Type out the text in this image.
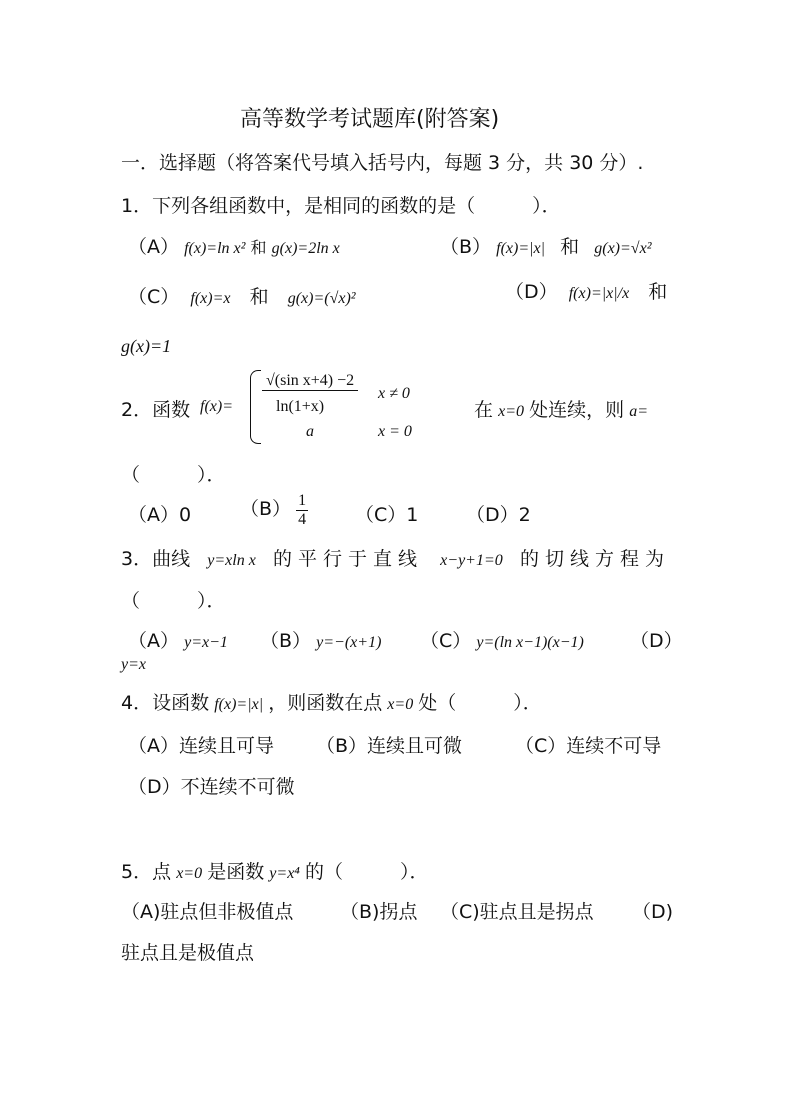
高等数学考试题库(附答案)
一．选择题（将答案代号填入括号内，每题 3 分，共 30 分）.
1．下列各组函数中，是相同的函数的是（　　　）．
（A） f(x)=ln x² 和 g(x)=2ln x	（B） f(x)=|x| 和 g(x)=√x²
（C） f(x)=x 和 g(x)=(√x)²	（D） f(x)=|x|/x 和
g(x)=1
2．函数 f(x)=
√(sin x+4) −2
ln(1+x)
x ≠ 0
a	x = 0
在 x=0 处连续，则 a=
（　　　）．
（A）0	$(B) \frac{1}{4} (C)1$	（D）2
3．曲线 y=xln x 的平行于直线 x−y+1=0 的切线方程为
（　　　）．
（A） y=x−1 （B） y=−(x+1) （C） y=(ln x−1)(x−1) （D）
y=x
4．设函数 f(x)=|x| ，则函数在点 x=0 处（　　　）．
（A）连续且可导 （B）连续且可微	（C）连续不可导
（D）不连续不可微
5．点 x=0 是函数 y=x⁴ 的（　　　）．
（A)驻点但非极值点 （B)拐点 （C)驻点且是拐点 （D)
驻点且是极值点
